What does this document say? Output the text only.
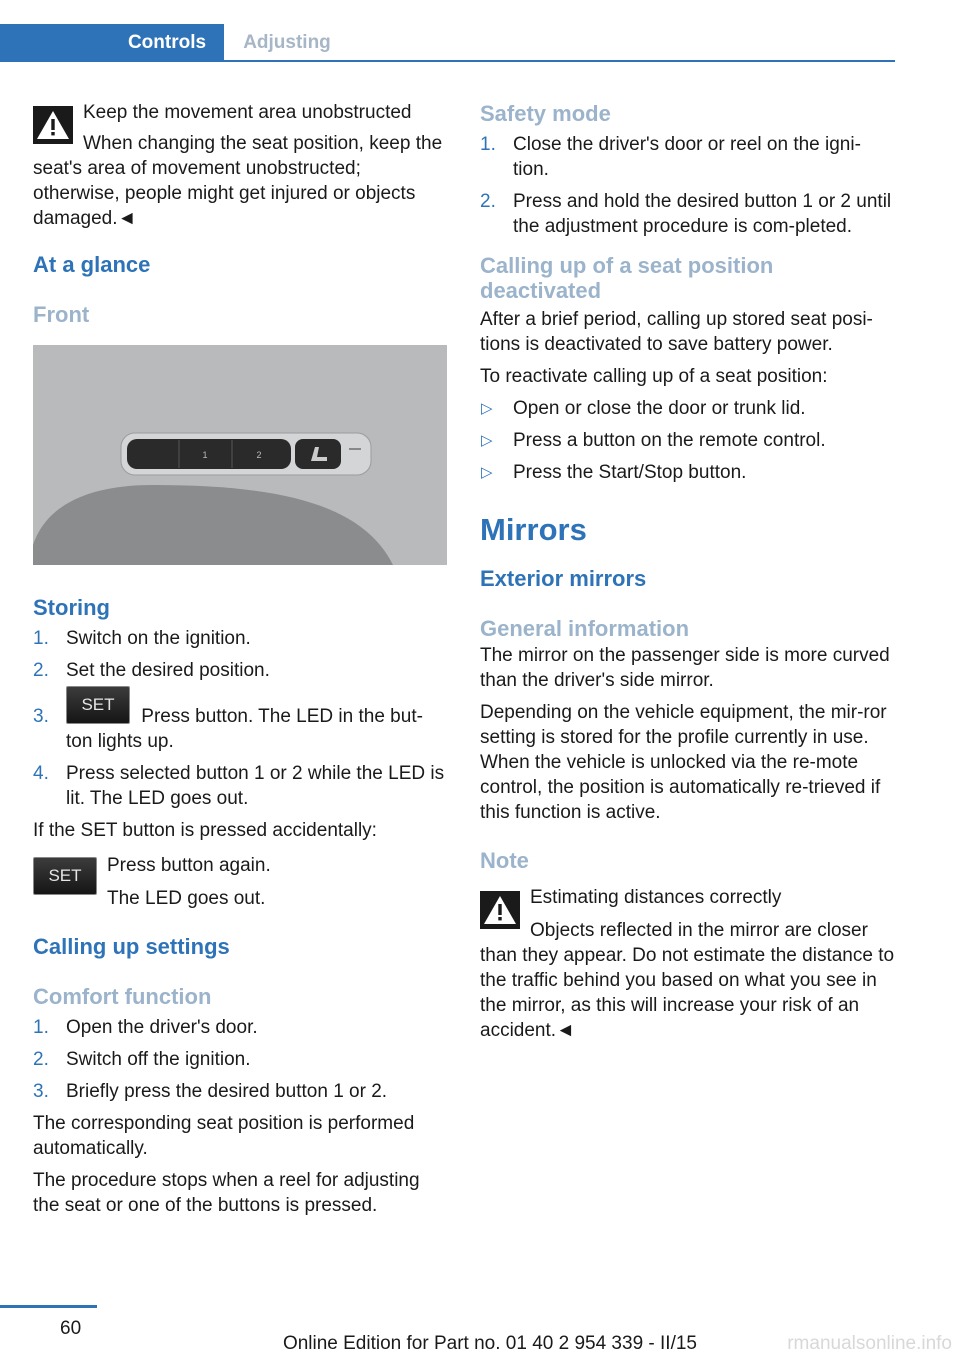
Controls	Adjusting

Keep the movement area unobstructed

When changing the seat position, keep the seat's area of movement unobstructed; otherwise, people might get injured or objects damaged.◄

At a glance
Front
1	2
Storing
1. Switch on the ignition.
2. Set the desired position.
3.
SET
Press button. The LED in the but-
ton lights up.
4. Press selected button 1 or 2 while the LED is lit. The LED goes out.

If the SET button is pressed accidentally:

SET	Press button again.
The LED goes out.
Calling up settings
Comfort function
1. Open the driver's door.
2. Switch off the ignition.
3. Briefly press the desired button 1 or 2.

The corresponding seat position is performed automatically.

The procedure stops when a reel for adjusting the seat or one of the buttons is pressed.

Safety mode
1. Close the driver's door or reel on the igni-tion.
2. Press and hold the desired button 1 or 2 until the adjustment procedure is com-pleted.
Calling up of a seat position deactivated

After a brief period, calling up stored seat posi-tions is deactivated to save battery power.

To reactivate calling up of a seat position:

▷ Open or close the door or trunk lid.
▷ Press a button on the remote control.
▷ Press the Start/Stop button.
Mirrors
Exterior mirrors
General information

The mirror on the passenger side is more curved than the driver's side mirror.

Depending on the vehicle equipment, the mir-ror setting is stored for the profile currently in use. When the vehicle is unlocked via the re-mote control, the position is automatically re-trieved if this function is active.

Note

Estimating distances correctly

Objects reflected in the mirror are closer than they appear. Do not estimate the distance to the traffic behind you based on what you see in the mirror, as this will increase your risk of an accident.◄

60
rmanualsonline.info
Online Edition for Part no. 01 40 2 954 339 - II/15
